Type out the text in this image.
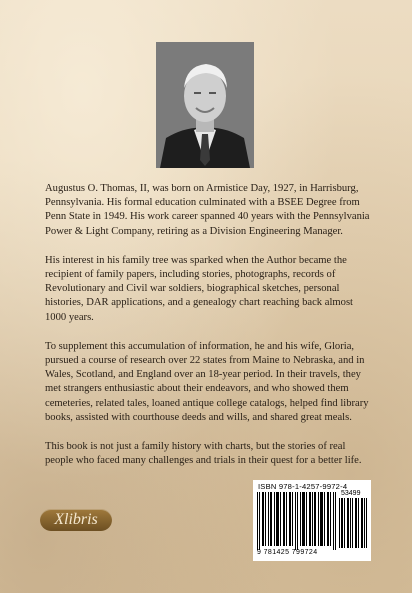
Augustus O. Thomas, II, was born on Armistice Day, 1927, in Harrisburg, Pennsylvania. His formal education culminated with a BSEE Degree from Penn State in 1949. His work career spanned 40 years with the Pennsylvania Power & Light Company, retiring as a Division Engineering Manager.

His interest in his family tree was sparked when the Author became the recipient of family papers, including stories, photographs, records of Revolutionary and Civil war soldiers, biographical sketches, personal histories, DAR applications, and a genealogy chart reaching back almost 1000 years.

To supplement this accumulation of information, he and his wife, Gloria, pursued a course of research over 22 states from Maine to Nebraska, and in Wales, Scotland, and England over an 18-year period. In their travels, they met strangers enthusiastic about their endeavors, and who showed them cemeteries, related tales, loaned antique college catalogs, helped find library books, assisted with courthouse deeds and wills, and shared great meals.

This book is not just a family history with charts, but the stories of real people who faced many challenges and trials in their quest for a better life.

Xlibris
ISBN 978-1-4257-9972-4
53499
9 781425 799724
